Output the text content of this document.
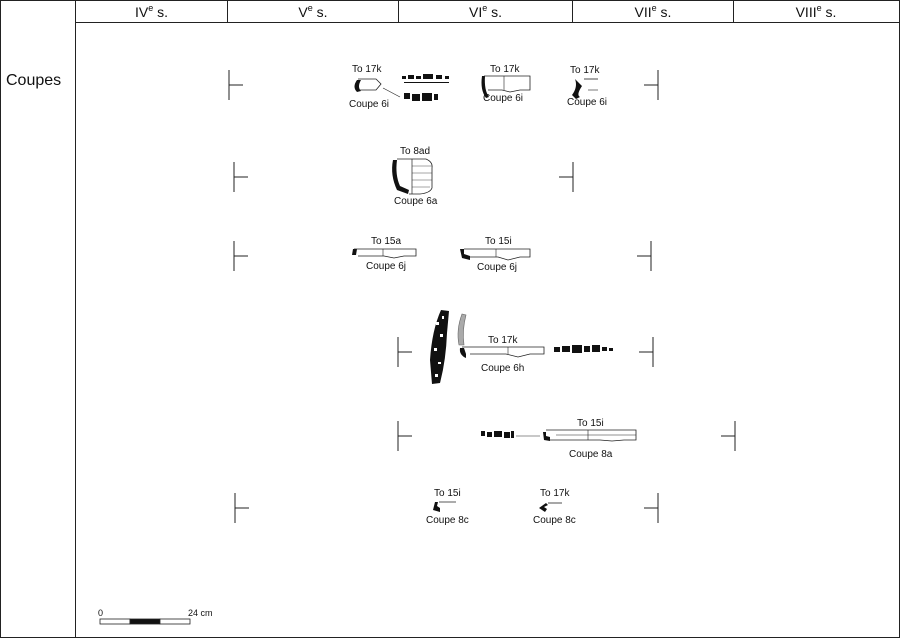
IVe s.	Ve s.	VIe s.	VIIe s.	VIIIe s.
Coupes
To 17k	To 17k	To 17k
Coupe 6i
Coupe 6i	Coupe 6i
To 8ad
Coupe 6a
To 15a	To 15i
Coupe 6j	Coupe 6j
To 17k
Coupe 6h
To 15i
Coupe 8a
To 15i	To 17k
Coupe 8c	Coupe 8c
0	24 cm
